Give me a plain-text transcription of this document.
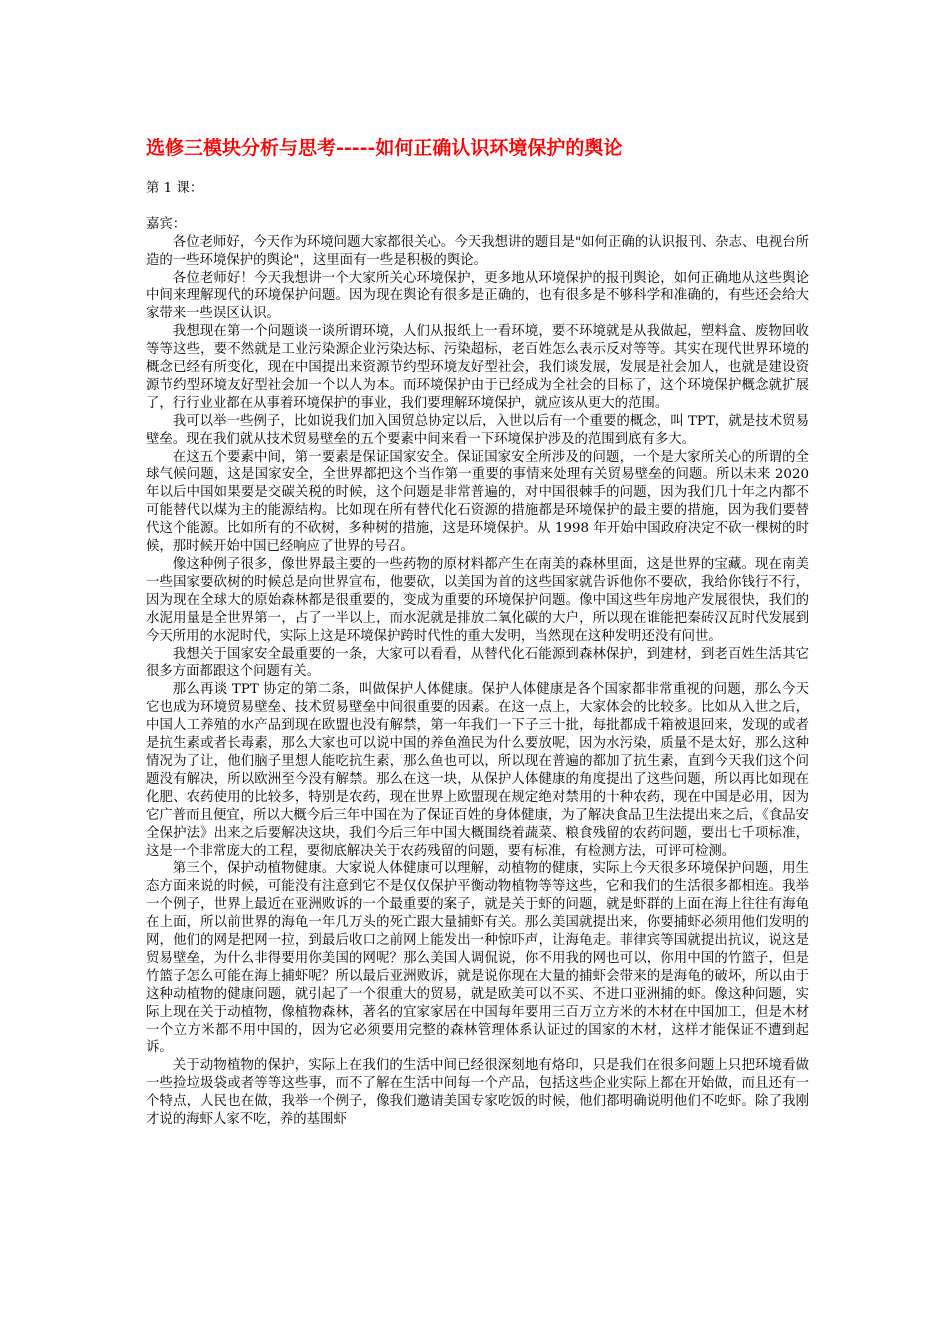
选修三模块分析与思考-----如何正确认识环境保护的舆论
第 1 课：
嘉宾：

各位老师好，今天作为环境问题大家都很关心。今天我想讲的题目是"如何正确的认识报刊、杂志、电视台所造的一些环境保护的舆论"，这里面有一些是积极的舆论。

各位老师好！今天我想讲一个大家所关心环境保护，更多地从环境保护的报刊舆论，如何正确地从这些舆论中间来理解现代的环境保护问题。因为现在舆论有很多是正确的，也有很多是不够科学和准确的，有些还会给大家带来一些误区认识。

我想现在第一个问题谈一谈所谓环境，人们从报纸上一看环境，要不环境就是从我做起，塑料盒、废物回收等等这些，要不然就是工业污染源企业污染达标、污染超标，老百姓怎么表示反对等等。其实在现代世界环境的概念已经有所变化，现在中国提出来资源节约型环境友好型社会，我们谈发展，发展是社会加人，也就是建设资源节约型环境友好型社会加一个以人为本。而环境保护由于已经成为全社会的目标了，这个环境保护概念就扩展了，行行业业都在从事着环境保护的事业，我们要理解环境保护，就应该从更大的范围。

我可以举一些例子，比如说我们加入国贸总协定以后，入世以后有一个重要的概念，叫 TPT，就是技术贸易壁垒。现在我们就从技术贸易壁垒的五个要素中间来看一下环境保护涉及的范围到底有多大。

在这五个要素中间，第一要素是保证国家安全。保证国家安全所涉及的问题，一个是大家所关心的所谓的全球气候问题，这是国家安全，全世界都把这个当作第一重要的事情来处理有关贸易壁垒的问题。所以未来 2020 年以后中国如果要是交碳关税的时候，这个问题是非常普遍的，对中国很棘手的问题，因为我们几十年之内都不可能替代以煤为主的能源结构。比如现在所有替代化石资源的措施都是环境保护的最主要的措施，因为我们要替代这个能源。比如所有的不砍树，多种树的措施，这是环境保护。从 1998 年开始中国政府决定不砍一棵树的时候，那时候开始中国已经响应了世界的号召。

像这种例子很多，像世界最主要的一些药物的原材料都产生在南美的森林里面，这是世界的宝藏。现在南美一些国家要砍树的时候总是向世界宣布，他要砍，以美国为首的这些国家就告诉他你不要砍，我给你钱行不行，因为现在全球大的原始森林都是很重要的，变成为重要的环境保护问题。像中国这些年房地产发展很快，我们的水泥用量是全世界第一，占了一半以上，而水泥就是排放二氧化碳的大户，所以现在谁能把秦砖汉瓦时代发展到今天所用的水泥时代，实际上这是环境保护跨时代性的重大发明，当然现在这种发明还没有问世。

我想关于国家安全最重要的一条，大家可以看看，从替代化石能源到森林保护，到建材，到老百姓生活其它很多方面都跟这个问题有关。

那么再谈 TPT 协定的第二条，叫做保护人体健康。保护人体健康是各个国家都非常重视的问题，那么今天它也成为环境贸易壁垒、技术贸易壁垒中间很重要的因素。在这一点上，大家体会的比较多。比如从入世之后，中国人工养殖的水产品到现在欧盟也没有解禁，第一年我们一下子三十批，每批都成千箱被退回来，发现的或者是抗生素或者长毒素，那么大家也可以说中国的养鱼渔民为什么要放呢，因为水污染，质量不是太好，那么这种情况为了让，他们脑子里想人能吃抗生素，那么鱼也可以，所以现在普遍的都加了抗生素，直到今天我们这个问题没有解决，所以欧洲至今没有解禁。那么在这一块，从保护人体健康的角度提出了这些问题，所以再比如现在化肥、农药使用的比较多，特别是农药，现在世界上欧盟现在规定绝对禁用的十种农药，现在中国是必用，因为它广普而且便宜，所以大概今后三年中国在为了保证百姓的身体健康，为了解决食品卫生法提出来之后，《食品安全保护法》出来之后要解决这块，我们今后三年中国大概围绕着蔬菜、粮食残留的农药问题，要出七千项标准，这是一个非常庞大的工程，要彻底解决关于农药残留的问题，要有标准，有检测方法，可评可检测。

第三个，保护动植物健康。大家说人体健康可以理解，动植物的健康，实际上今天很多环境保护问题，用生态方面来说的时候，可能没有注意到它不是仅仅保护平衡动物植物等等这些，它和我们的生活很多都相连。我举一个例子，世界上最近在亚洲败诉的一个最重要的案子，就是关于虾的问题，就是虾群的上面在海上往往有海龟在上面，所以前世界的海龟一年几万头的死亡跟大量捕虾有关。那么美国就提出来，你要捕虾必须用他们发明的网，他们的网是把网一拉，到最后收口之前网上能发出一种惊吓声，让海龟走。菲律宾等国就提出抗议，说这是贸易壁垒，为什么非得要用你美国的网呢？那么美国人调侃说，你不用我的网也可以，你用中国的竹篮子，但是竹篮子怎么可能在海上捕虾呢？所以最后亚洲败诉，就是说你现在大量的捕虾会带来的是海龟的破坏，所以由于这种动植物的健康问题，就引起了一个很重大的贸易，就是欧美可以不买、不进口亚洲捕的虾。像这种问题，实际上现在关于动植物，像植物森林，著名的宜家家居在中国每年要用三百万立方米的木材在中国加工，但是木材一个立方米都不用中国的，因为它必须要用完整的森林管理体系认证过的国家的木材，这样才能保证不遭到起诉。

关于动物植物的保护，实际上在我们的生活中间已经很深刻地有烙印，只是我们在很多问题上只把环境看做一些捡垃圾袋或者等等这些事，而不了解在生活中间每一个产品，包括这些企业实际上都在开始做，而且还有一个特点，人民也在做，我举一个例子，像我们邀请美国专家吃饭的时候，他们都明确说明他们不吃虾。除了我刚才说的海虾人家不吃，养的基围虾
